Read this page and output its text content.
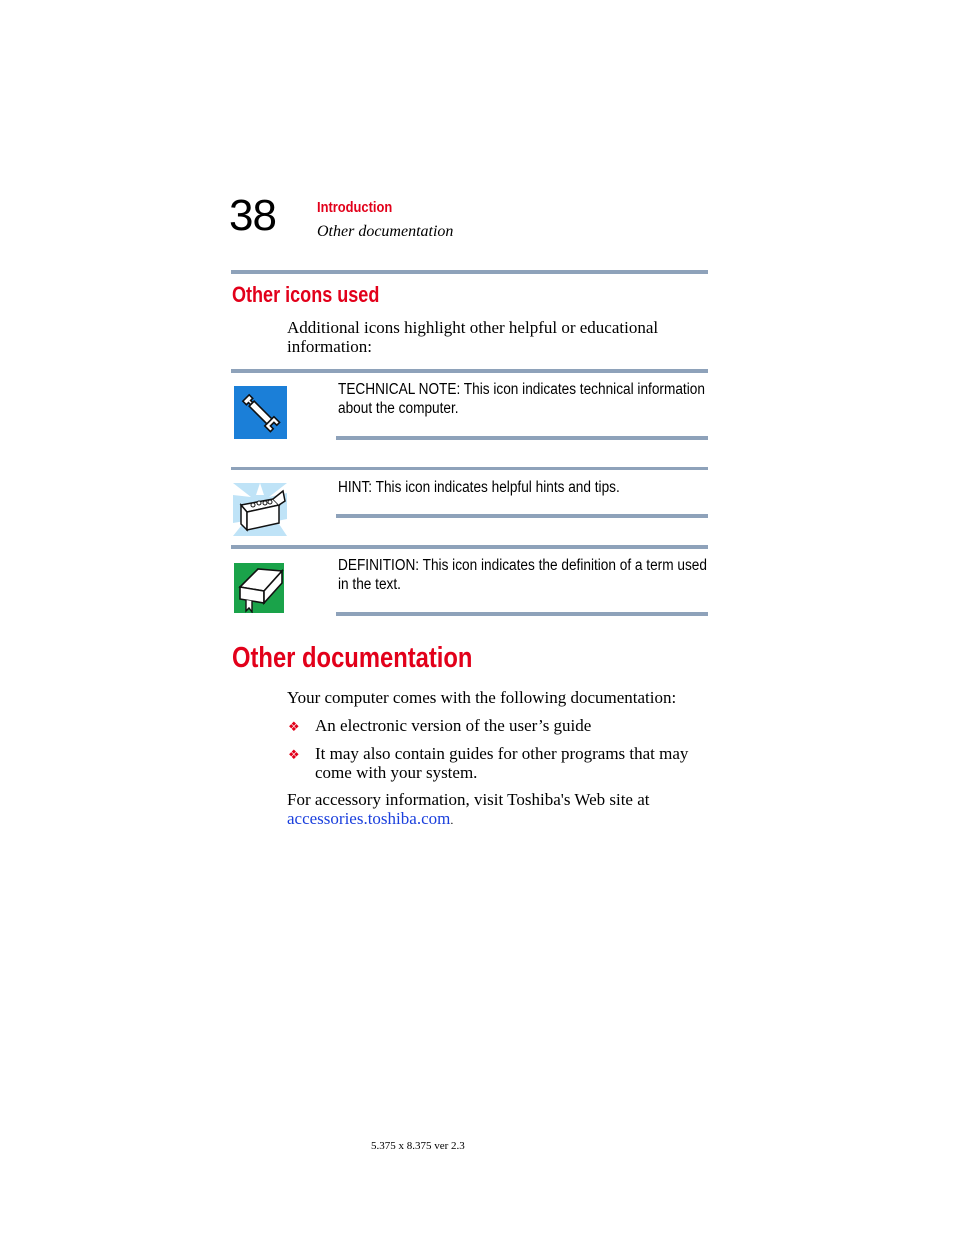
38	Introduction
Other documentation
Other icons used
Additional icons highlight other helpful or educational information:
TECHNICAL NOTE: This icon indicates technical information about the computer.
HINT: This icon indicates helpful hints and tips.
DEFINITION: This icon indicates the definition of a term used in the text.
Other documentation
Your computer comes with the following documentation:
❖ An electronic version of the user’s guide
❖ It may also contain guides for other programs that may come with your system.
For accessory information, visit Toshiba's Web site at
accessories.toshiba.com.
5.375 x 8.375 ver 2.3
